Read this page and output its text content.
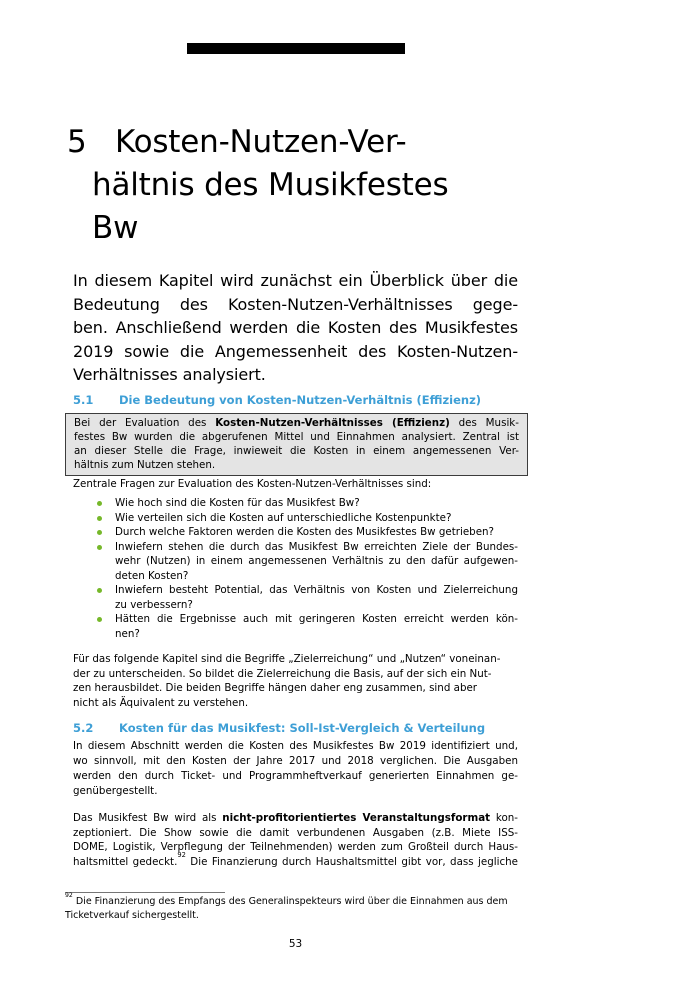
5 Kosten-Nutzen-Ver-
hältnis des Musikfestes
Bw
In diesem Kapitel wird zunächst ein Überblick über die
Bedeutung des Kosten-Nutzen-Verhältnisses gege-
ben. Anschließend werden die Kosten des Musikfestes
2019 sowie die Angemessenheit des Kosten-Nutzen-
Verhältnisses analysiert.
5.1 Die Bedeutung von Kosten-Nutzen-Verhältnis (Effizienz)
Bei der Evaluation des Kosten-Nutzen-Verhältnisses (Effizienz) des Musik-
festes Bw wurden die abgerufenen Mittel und Einnahmen analysiert. Zentral ist
an dieser Stelle die Frage, inwieweit die Kosten in einem angemessenen Ver-
hältnis zum Nutzen stehen.
Zentrale Fragen zur Evaluation des Kosten-Nutzen-Verhältnisses sind:
Wie hoch sind die Kosten für das Musikfest Bw?
Wie verteilen sich die Kosten auf unterschiedliche Kostenpunkte?
Durch welche Faktoren werden die Kosten des Musikfestes Bw getrieben?
Inwiefern stehen die durch das Musikfest Bw erreichten Ziele der Bundes-
wehr (Nutzen) in einem angemessenen Verhältnis zu den dafür aufgewen-
deten Kosten?
Inwiefern besteht Potential, das Verhältnis von Kosten und Zielerreichung
zu verbessern?
Hätten die Ergebnisse auch mit geringeren Kosten erreicht werden kön-
nen?
Für das folgende Kapitel sind die Begriffe „Zielerreichung“ und „Nutzen“ voneinan-
der zu unterscheiden. So bildet die Zielerreichung die Basis, auf der sich ein Nut-
zen herausbildet. Die beiden Begriffe hängen daher eng zusammen, sind aber
nicht als Äquivalent zu verstehen.
5.2 Kosten für das Musikfest: Soll-Ist-Vergleich & Verteilung
In diesem Abschnitt werden die Kosten des Musikfestes Bw 2019 identifiziert und,
wo sinnvoll, mit den Kosten der Jahre 2017 und 2018 verglichen. Die Ausgaben
werden den durch Ticket- und Programmheftverkauf generierten Einnahmen ge-
genübergestellt.
Das Musikfest Bw wird als nicht-profitorientiertes Veranstaltungsformat kon-
zeptioniert. Die Show sowie die damit verbundenen Ausgaben (z.B. Miete ISS-
DOME, Logistik, Verpflegung der Teilnehmenden) werden zum Großteil durch Haus-
haltsmittel gedeckt.$^{92}$ Die Finanzierung durch Haushaltsmittel gibt vor, dass jegliche
$^{92}$ Die Finanzierung des Empfangs des Generalinspekteurs wird über die Einnahmen aus dem
Ticketverkauf sichergestellt.
53
